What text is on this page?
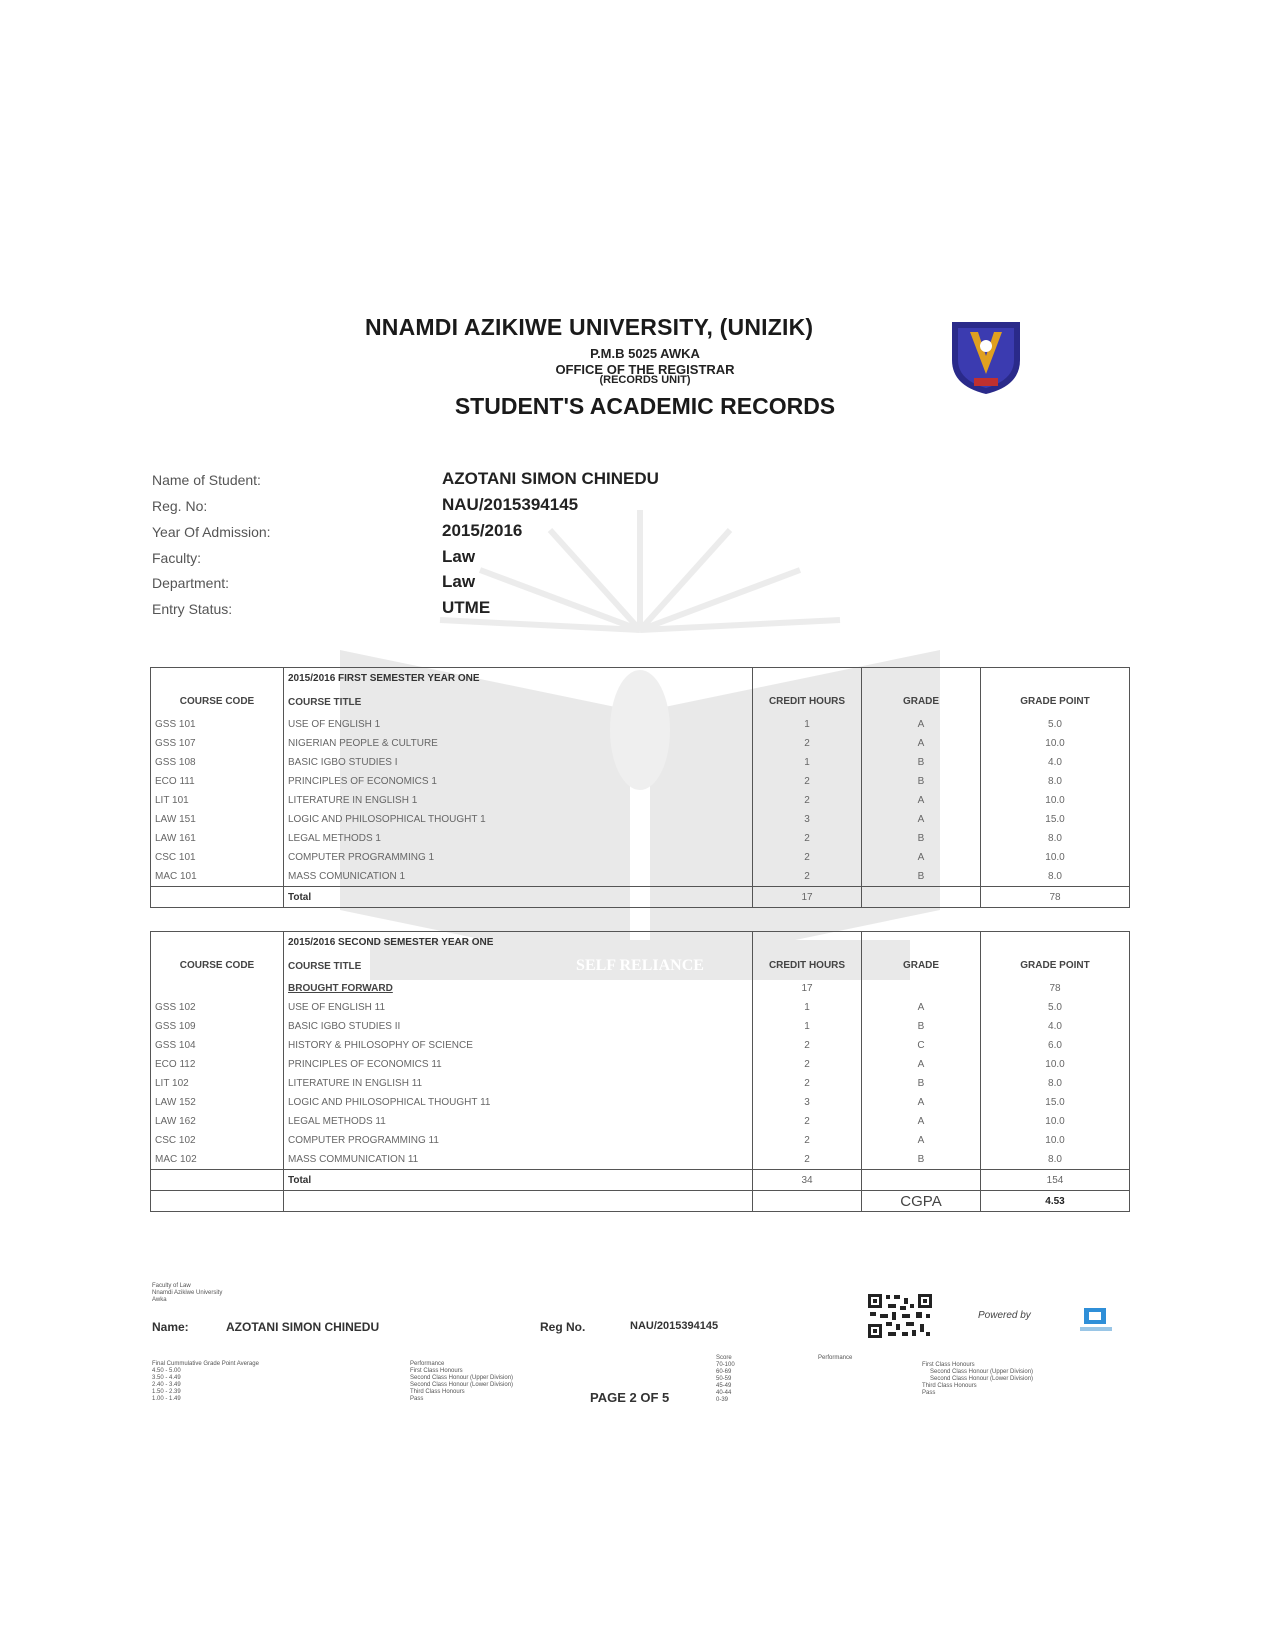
SELF RELIANCE
NNAMDI AZIKIWE UNIVERSITY, (UNIZIK)
P.M.B 5025 AWKA
OFFICE OF THE REGISTRAR
(RECORDS UNIT)
STUDENT'S ACADEMIC RECORDS
Name of Student:	AZOTANI SIMON CHINEDU
Reg. No:	NAU/2015394145
Year Of Admission:	2015/2016
Faculty:	Law
Department:	Law
Entry Status:	UTME
	2015/2016 FIRST SEMESTER YEAR ONE			
COURSE CODE	COURSE TITLE	CREDIT HOURS	GRADE	GRADE POINT
GSS 101	USE OF ENGLISH 1	1	A	5.0
GSS 107	NIGERIAN PEOPLE & CULTURE	2	A	10.0
GSS 108	BASIC IGBO STUDIES I	1	B	4.0
ECO 111	PRINCIPLES OF ECONOMICS 1	2	B	8.0
LIT 101	LITERATURE IN ENGLISH 1	2	A	10.0
LAW 151	LOGIC AND PHILOSOPHICAL THOUGHT 1	3	A	15.0
LAW 161	LEGAL METHODS 1	2	B	8.0
CSC 101	COMPUTER PROGRAMMING 1	2	A	10.0
MAC 101	MASS COMUNICATION 1	2	B	8.0
	Total	17		78
	2015/2016 SECOND SEMESTER YEAR ONE			
COURSE CODE	COURSE TITLE	CREDIT HOURS	GRADE	GRADE POINT
	BROUGHT FORWARD	17		78
GSS 102	USE OF ENGLISH 11	1	A	5.0
GSS 109	BASIC IGBO STUDIES II	1	B	4.0
GSS 104	HISTORY & PHILOSOPHY OF SCIENCE	2	C	6.0
ECO 112	PRINCIPLES OF ECONOMICS 11	2	A	10.0
LIT 102	LITERATURE IN ENGLISH 11	2	B	8.0
LAW 152	LOGIC AND PHILOSOPHICAL THOUGHT 11	3	A	15.0
LAW 162	LEGAL METHODS 11	2	A	10.0
CSC 102	COMPUTER PROGRAMMING 11	2	A	10.0
MAC 102	MASS COMMUNICATION 11	2	B	8.0
	Total	34		154
			CGPA	4.53
Faculty of Law
Nnamdi Azikiwe University
Awka
Name:	AZOTANI SIMON CHINEDU	Reg No.	NAU/2015394145
Powered by
Final Cummulative Grade Point Average
4.50 - 5.00
3.50 - 4.49
2.40 - 3.49
1.50 - 2.39
1.00 - 1.49
Performance
First Class Honours
Second Class Honour (Upper Division)
Second Class Honour (Lower Division)
Third Class Honours
Pass	PAGE 2 OF 5
Score
70-100
60-69
50-59
45-49
40-44
0-39
Performance
First Class Honours
Second Class Honour (Upper Division)
Second Class Honour (Lower Division)
Third Class Honours
Pass
